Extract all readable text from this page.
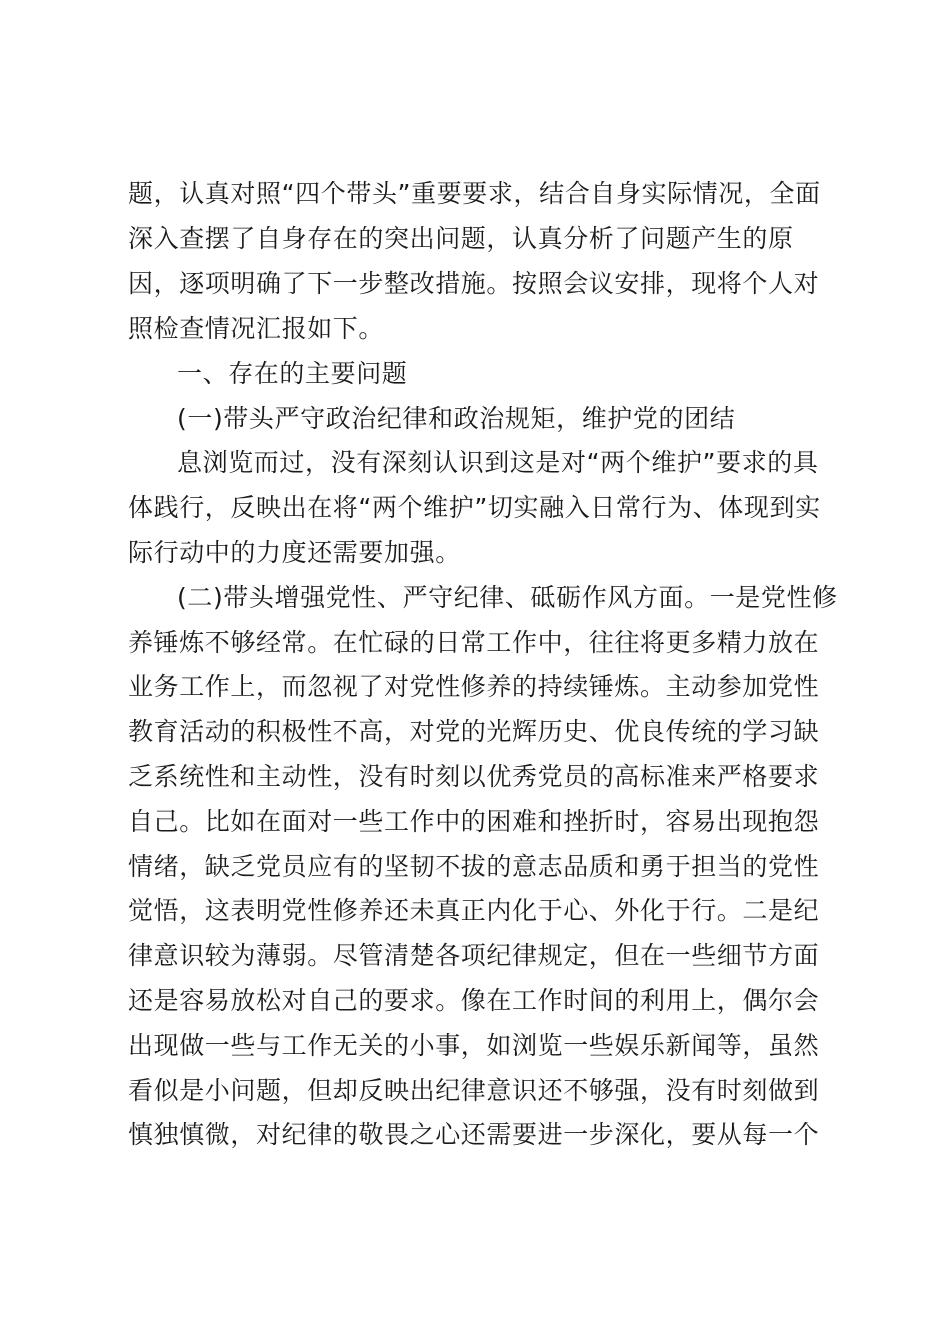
题，认真对照“四个带头”重要要求，结合自身实际情况，全面
深入查摆了自身存在的突出问题，认真分析了问题产生的原
因，逐项明确了下一步整改措施。按照会议安排，现将个人对
照检查情况汇报如下。
一、存在的主要问题
(一)带头严守政治纪律和政治规矩，维护党的团结
息浏览而过，没有深刻认识到这是对“两个维护”要求的具
体践行，反映出在将“两个维护”切实融入日常行为、体现到实
际行动中的力度还需要加强。
(二)带头增强党性、严守纪律、砥砺作风方面。一是党性修
养锤炼不够经常。在忙碌的日常工作中，往往将更多精力放在
业务工作上，而忽视了对党性修养的持续锤炼。主动参加党性
教育活动的积极性不高，对党的光辉历史、优良传统的学习缺
乏系统性和主动性，没有时刻以优秀党员的高标准来严格要求
自己。比如在面对一些工作中的困难和挫折时，容易出现抱怨
情绪，缺乏党员应有的坚韧不拔的意志品质和勇于担当的党性
觉悟，这表明党性修养还未真正内化于心、外化于行。二是纪
律意识较为薄弱。尽管清楚各项纪律规定，但在一些细节方面
还是容易放松对自己的要求。像在工作时间的利用上，偶尔会
出现做一些与工作无关的小事，如浏览一些娱乐新闻等，虽然
看似是小问题，但却反映出纪律意识还不够强，没有时刻做到
慎独慎微，对纪律的敬畏之心还需要进一步深化，要从每一个
